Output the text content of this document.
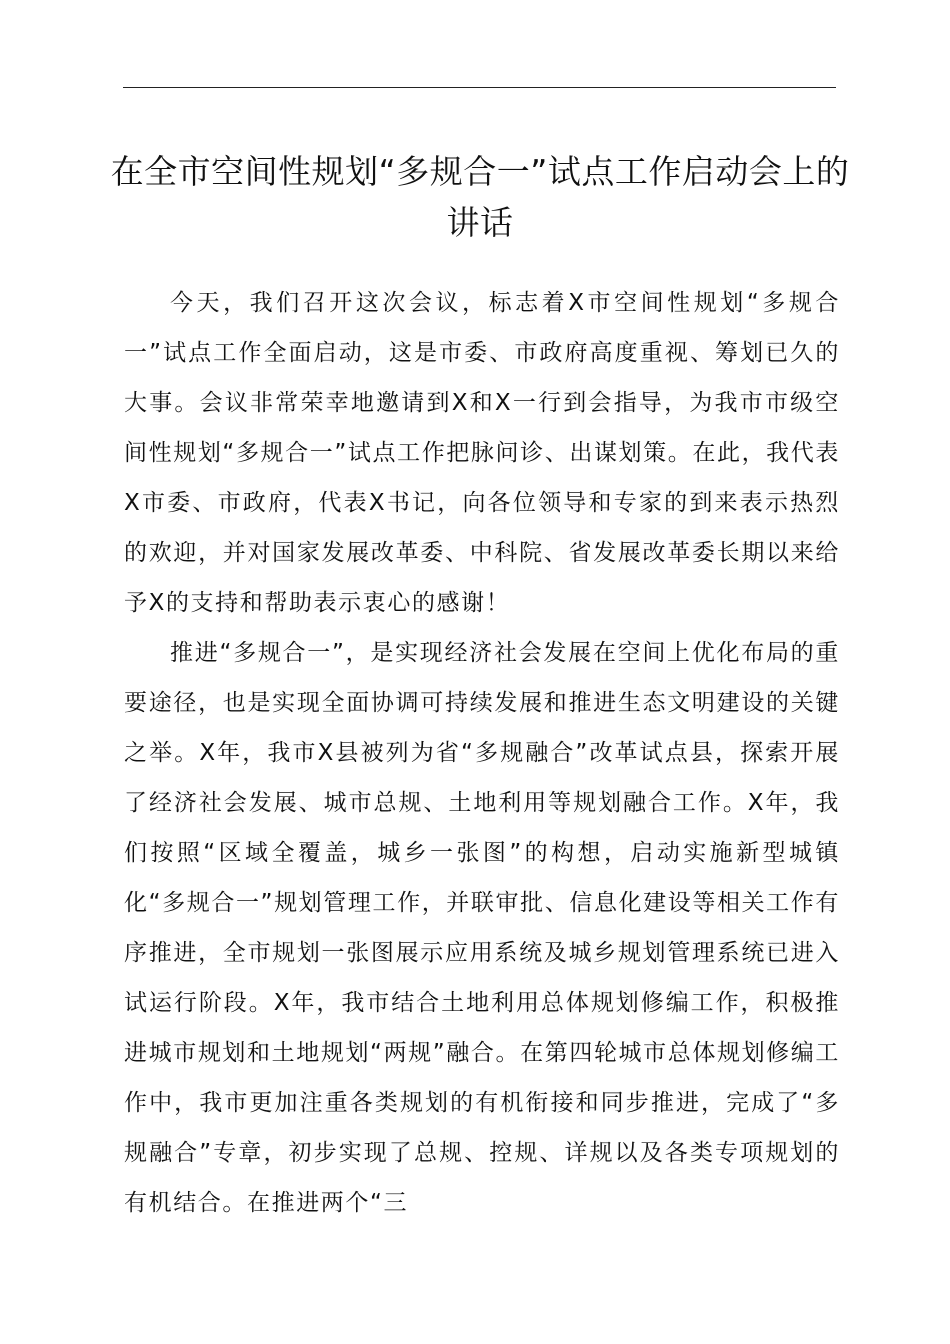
在全市空间性规划“多规合一”试点工作启动会上的讲话

今天，我们召开这次会议，标志着X市空间性规划“多规合一”试点工作全面启动，这是市委、市政府高度重视、筹划已久的大事。会议非常荣幸地邀请到X和X一行到会指导，为我市市级空间性规划“多规合一”试点工作把脉问诊、出谋划策。在此，我代表X市委、市政府，代表X书记，向各位领导和专家的到来表示热烈的欢迎，并对国家发展改革委、中科院、省发展改革委长期以来给予X的支持和帮助表示衷心的感谢！

推进“多规合一”，是实现经济社会发展在空间上优化布局的重要途径，也是实现全面协调可持续发展和推进生态文明建设的关键之举。X年，我市X县被列为省“多规融合”改革试点县，探索开展了经济社会发展、城市总规、土地利用等规划融合工作。X年，我们按照“区域全覆盖，城乡一张图”的构想，启动实施新型城镇化“多规合一”规划管理工作，并联审批、信息化建设等相关工作有序推进，全市规划一张图展示应用系统及城乡规划管理系统已进入试运行阶段。X年，我市结合土地利用总体规划修编工作，积极推进城市规划和土地规划“两规”融合。在第四轮城市总体规划修编工作中，我市更加注重各类规划的有机衔接和同步推进，完成了“多规融合”专章，初步实现了总规、控规、详规以及各类专项规划的有机结合。在推进两个“三
